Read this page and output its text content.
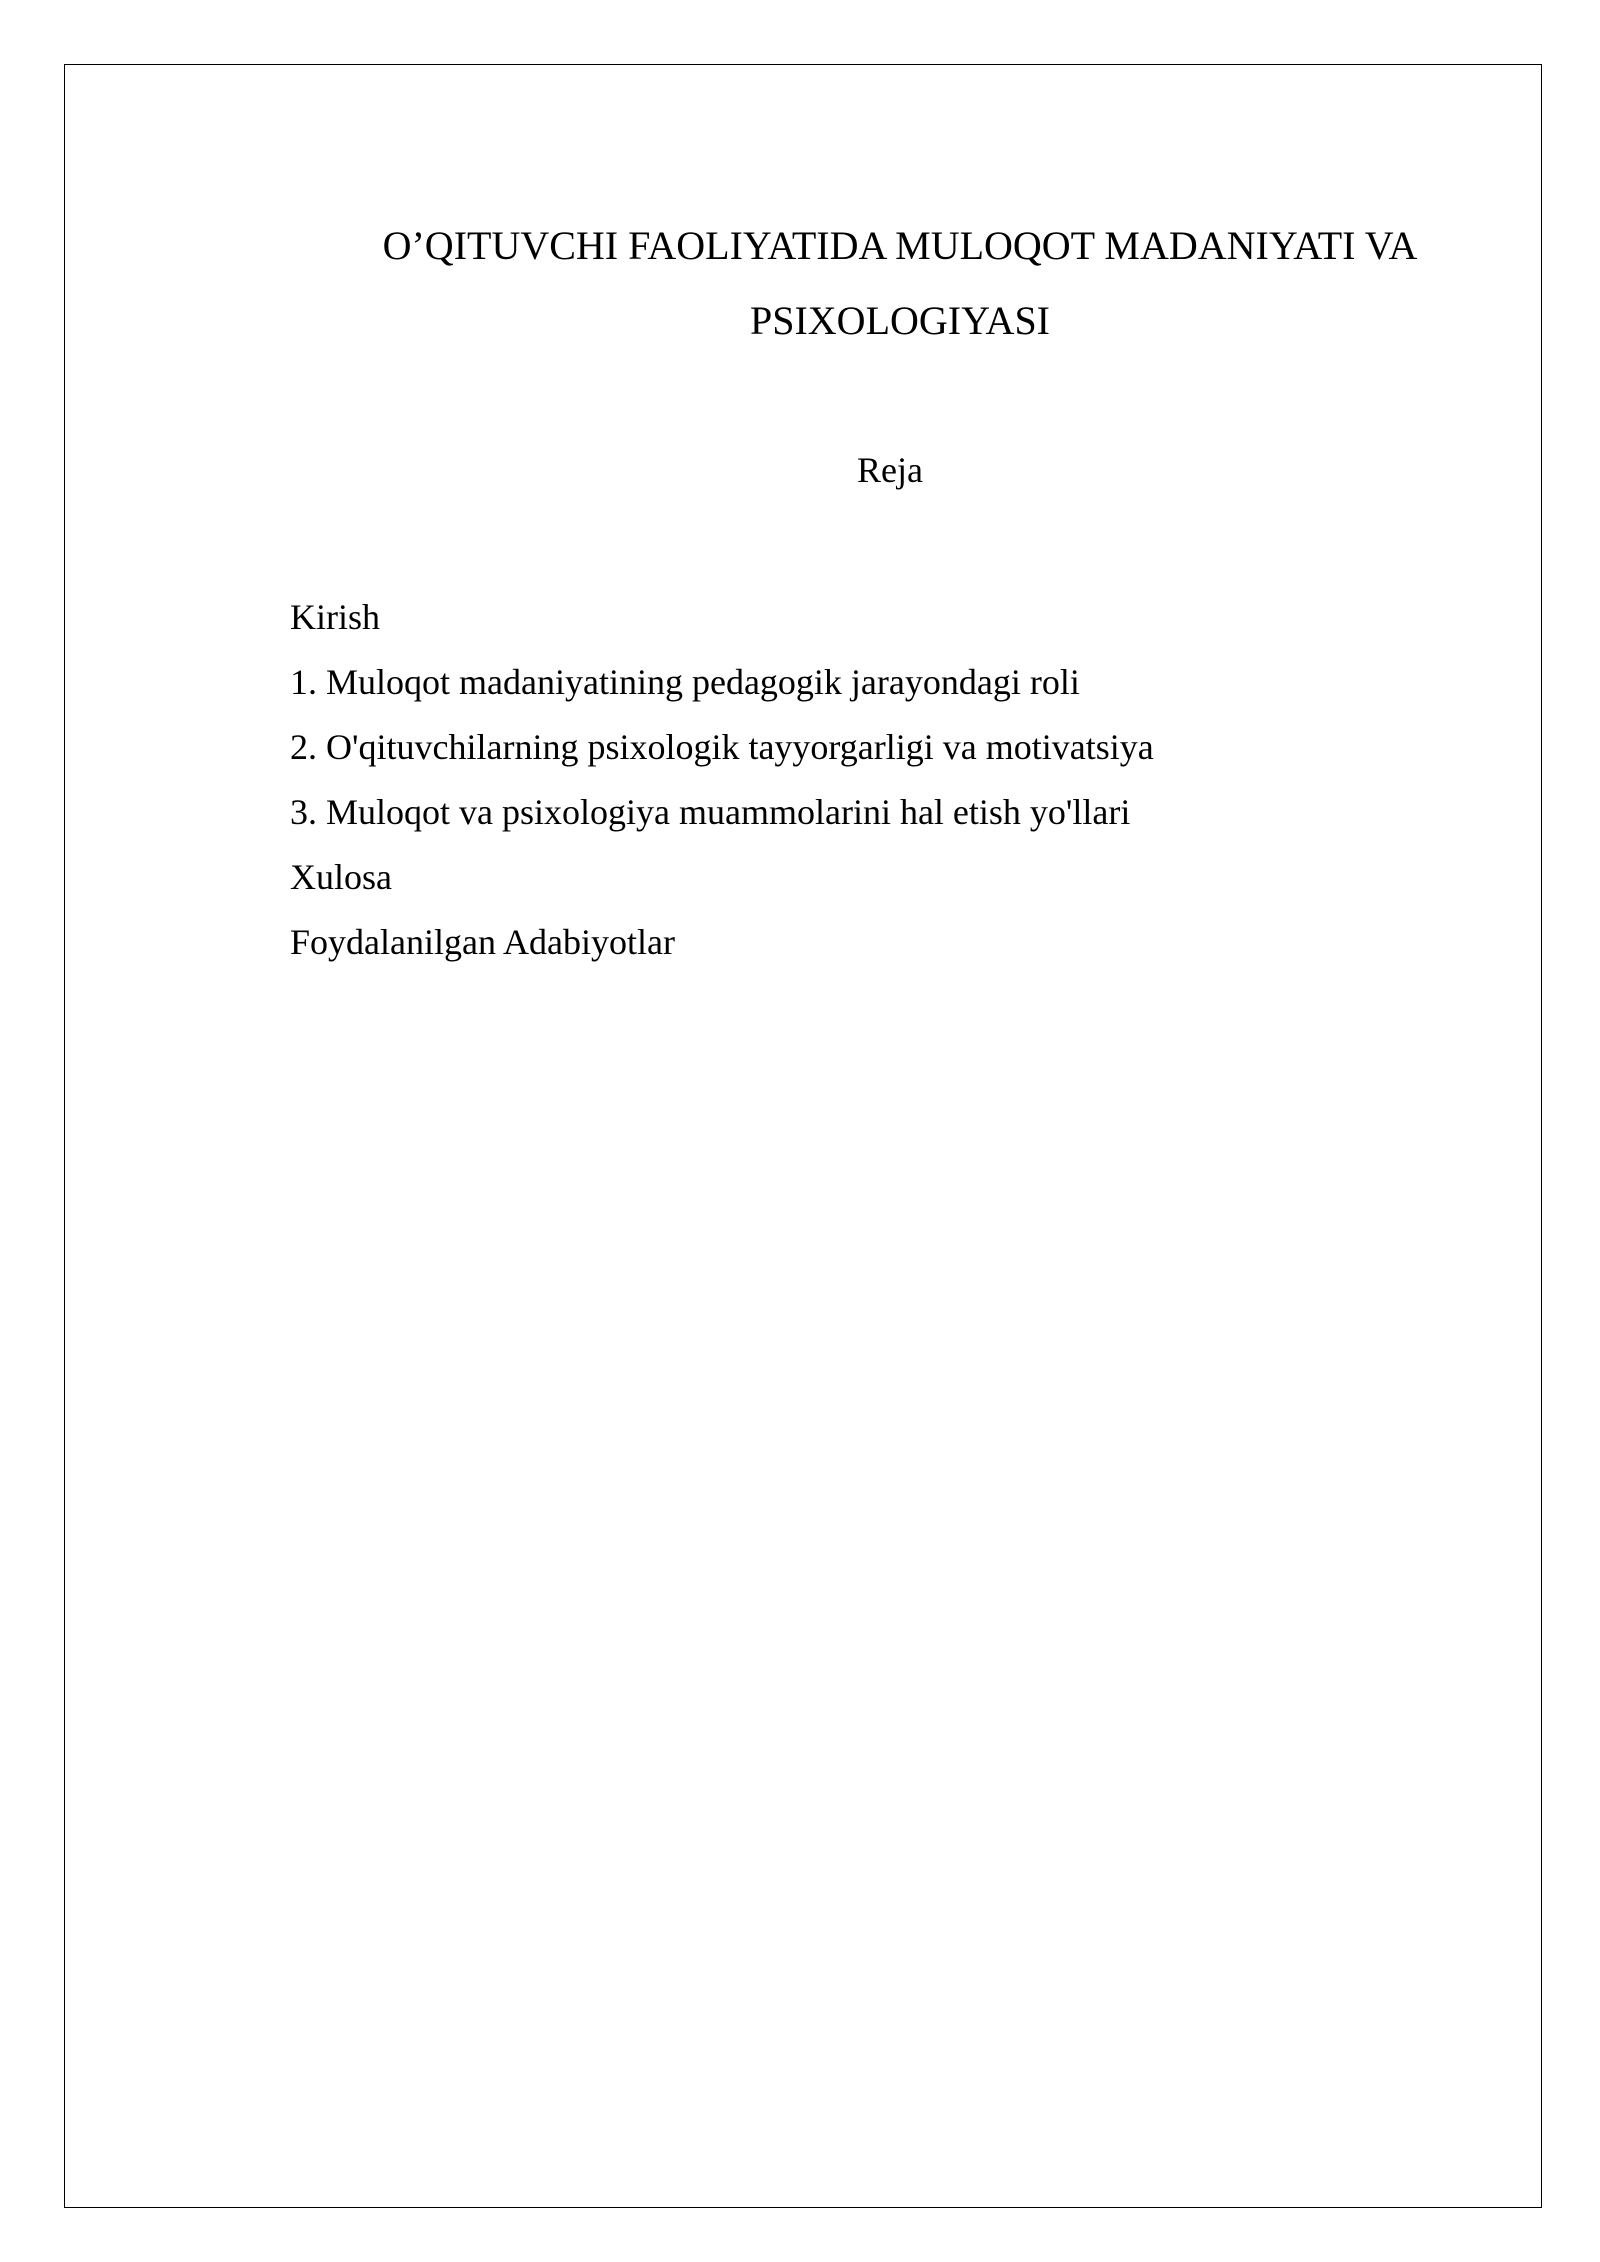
O’QITUVCHI FAOLIYATIDA MULOQOT MADANIYATI VA
PSIXOLOGIYASI
Reja
Kirish
1. Muloqot madaniyatining pedagogik jarayondagi roli
2. O'qituvchilarning psixologik tayyorgarligi va motivatsiya
3. Muloqot va psixologiya muammolarini hal etish yo'llari
Xulosa
Foydalanilgan Adabiyotlar
